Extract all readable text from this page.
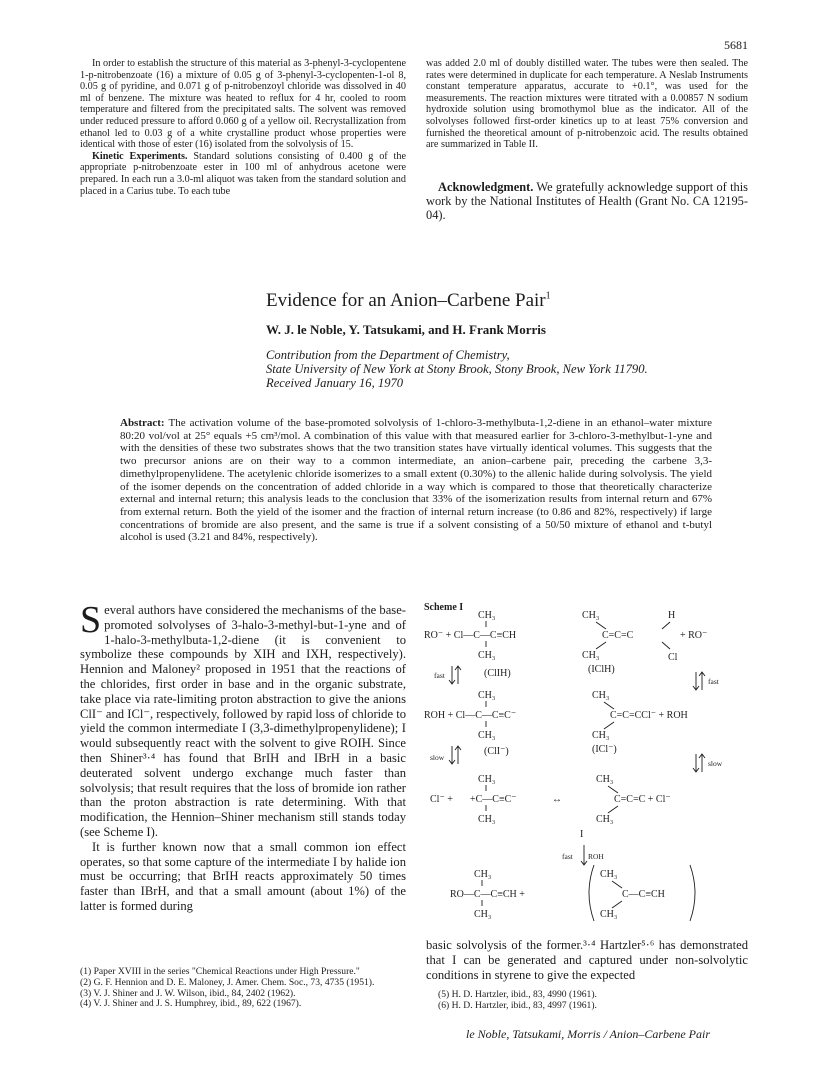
5681

In order to establish the structure of this material as 3-phenyl-3-cyclopentene 1-p-nitrobenzoate (16) a mixture of 0.05 g of 3-phenyl-3-cyclopenten-1-ol 8, 0.05 g of pyridine, and 0.071 g of p-nitrobenzoyl chloride was dissolved in 40 ml of benzene. The mixture was heated to reflux for 4 hr, cooled to room temperature and filtered from the precipitated salts. The solvent was removed under reduced pressure to afford 0.060 g of a yellow oil. Recrystallization from ethanol led to 0.03 g of a white crystalline product whose properties were identical with those of ester (16) isolated from the solvolysis of 15.

Kinetic Experiments. Standard solutions consisting of 0.400 g of the appropriate p-nitrobenzoate ester in 100 ml of anhydrous acetone were prepared. In each run a 3.0-ml aliquot was taken from the standard solution and placed in a Carius tube. To each tube

was added 2.0 ml of doubly distilled water. The tubes were then sealed. The rates were determined in duplicate for each temperature. A Neslab Instruments constant temperature apparatus, accurate to +0.1°, was used for the measurements. The reaction mixtures were titrated with a 0.00857 N sodium hydroxide solution using bromothymol blue as the indicator. All of the solvolyses followed first-order kinetics up to at least 75% conversion and furnished the theoretical amount of p-nitrobenzoic acid. The results obtained are summarized in Table II.

Acknowledgment. We gratefully acknowledge support of this work by the National Institutes of Health (Grant No. CA 12195-04).

Evidence for an Anion–Carbene Pair$^1$
W. J. le Noble, Y. Tatsukami, and H. Frank Morris
Contribution from the Department of Chemistry,
State University of New York at Stony Brook, Stony Brook, New York 11790.
Received January 16, 1970
Abstract: The activation volume of the base-promoted solvolysis of 1-chloro-3-methylbuta-1,2-diene in an ethanol–water mixture 80:20 vol/vol at 25° equals +5 cm³/mol. A combination of this value with that measured earlier for 3-chloro-3-methylbut-1-yne and with the densities of these two substrates shows that the two transition states have virtually identical volumes. This suggests that the two precursor anions are on their way to a common intermediate, an anion–carbene pair, preceding the carbene 3,3-dimethylpropenylidene. The acetylenic chloride isomerizes to a small extent (0.30%) to the allenic halide during solvolysis. The yield of the isomer depends on the concentration of added chloride in a way which is compared to those that theoretically characterize external and internal return; this analysis leads to the conclusion that 33% of the isomerization results from internal return and 67% from external return. Both the yield of the isomer and the fraction of internal return increase (to 0.86 and 82%, respectively) if large concentrations of bromide are also present, and the same is true if a solvent consisting of a 50/50 mixture of ethanol and t-butyl alcohol is used (3.21 and 84%, respectively).

Several authors have considered the mechanisms of the base-promoted solvolyses of 3-halo-3-methyl-but-1-yne and of 1-halo-3-methylbuta-1,2-diene (it is convenient to symbolize these compounds by XIH and IXH, respectively). Hennion and Maloney² proposed in 1951 that the reactions of the chlorides, first order in base and in the organic substrate, take place via rate-limiting proton abstraction to give the anions ClI⁻ and ICl⁻, respectively, followed by rapid loss of chloride to yield the common intermediate I (3,3-dimethylpropenylidene); I would subsequently react with the solvent to give ROIH. Since then Shiner³·⁴ has found that BrIH and IBrH in a basic deuterated solvent undergo exchange much faster than solvolysis; that result requires that the loss of bromide ion rather than the proton abstraction is rate determining. With that modification, the Hennion–Shiner mechanism still stands today (see Scheme I).

It is further known now that a small common ion effect operates, so that some capture of the intermediate I by halide ion must be occurring; that BrIH reacts approximately 50 times faster than IBrH, and that a small amount (about 1%) of the latter is formed during

(1) Paper XVIII in the series "Chemical Reactions under High Pressure."

(2) G. F. Hennion and D. E. Maloney, J. Amer. Chem. Soc., 73, 4735 (1951).

(3) V. J. Shiner and J. W. Wilson, ibid., 84, 2402 (1962).

(4) V. J. Shiner and J. S. Humphrey, ibid., 89, 622 (1967).

Scheme I
CH₃
RO⁻ + Cl—C—C≡CH
CH₃
CH₃	H
C=C=C	+ RO⁻
CH₃	Cl
fast	(ClIH)	(IClH)
fast
CH₃
ROH + Cl—C—C≡C⁻
CH₃
CH₃
C=C=CCl⁻ + ROH
CH₃
slow
(ClI⁻)	(ICl⁻)
slow
CH₃
Cl⁻ + +C—C≡C⁻	↔
CH₃
CH₃
C=C=C + Cl⁻
CH₃
I
fast ROH
CH₃
RO—C—C≡CH +
CH₃
CH₃
C—C≡CH
CH₃

basic solvolysis of the former.³·⁴ Hartzler⁵·⁶ has demonstrated that I can be generated and captured under non-solvolytic conditions in styrene to give the expected

(5) H. D. Hartzler, ibid., 83, 4990 (1961).

(6) H. D. Hartzler, ibid., 83, 4997 (1961).

le Noble, Tatsukami, Morris / Anion–Carbene Pair
